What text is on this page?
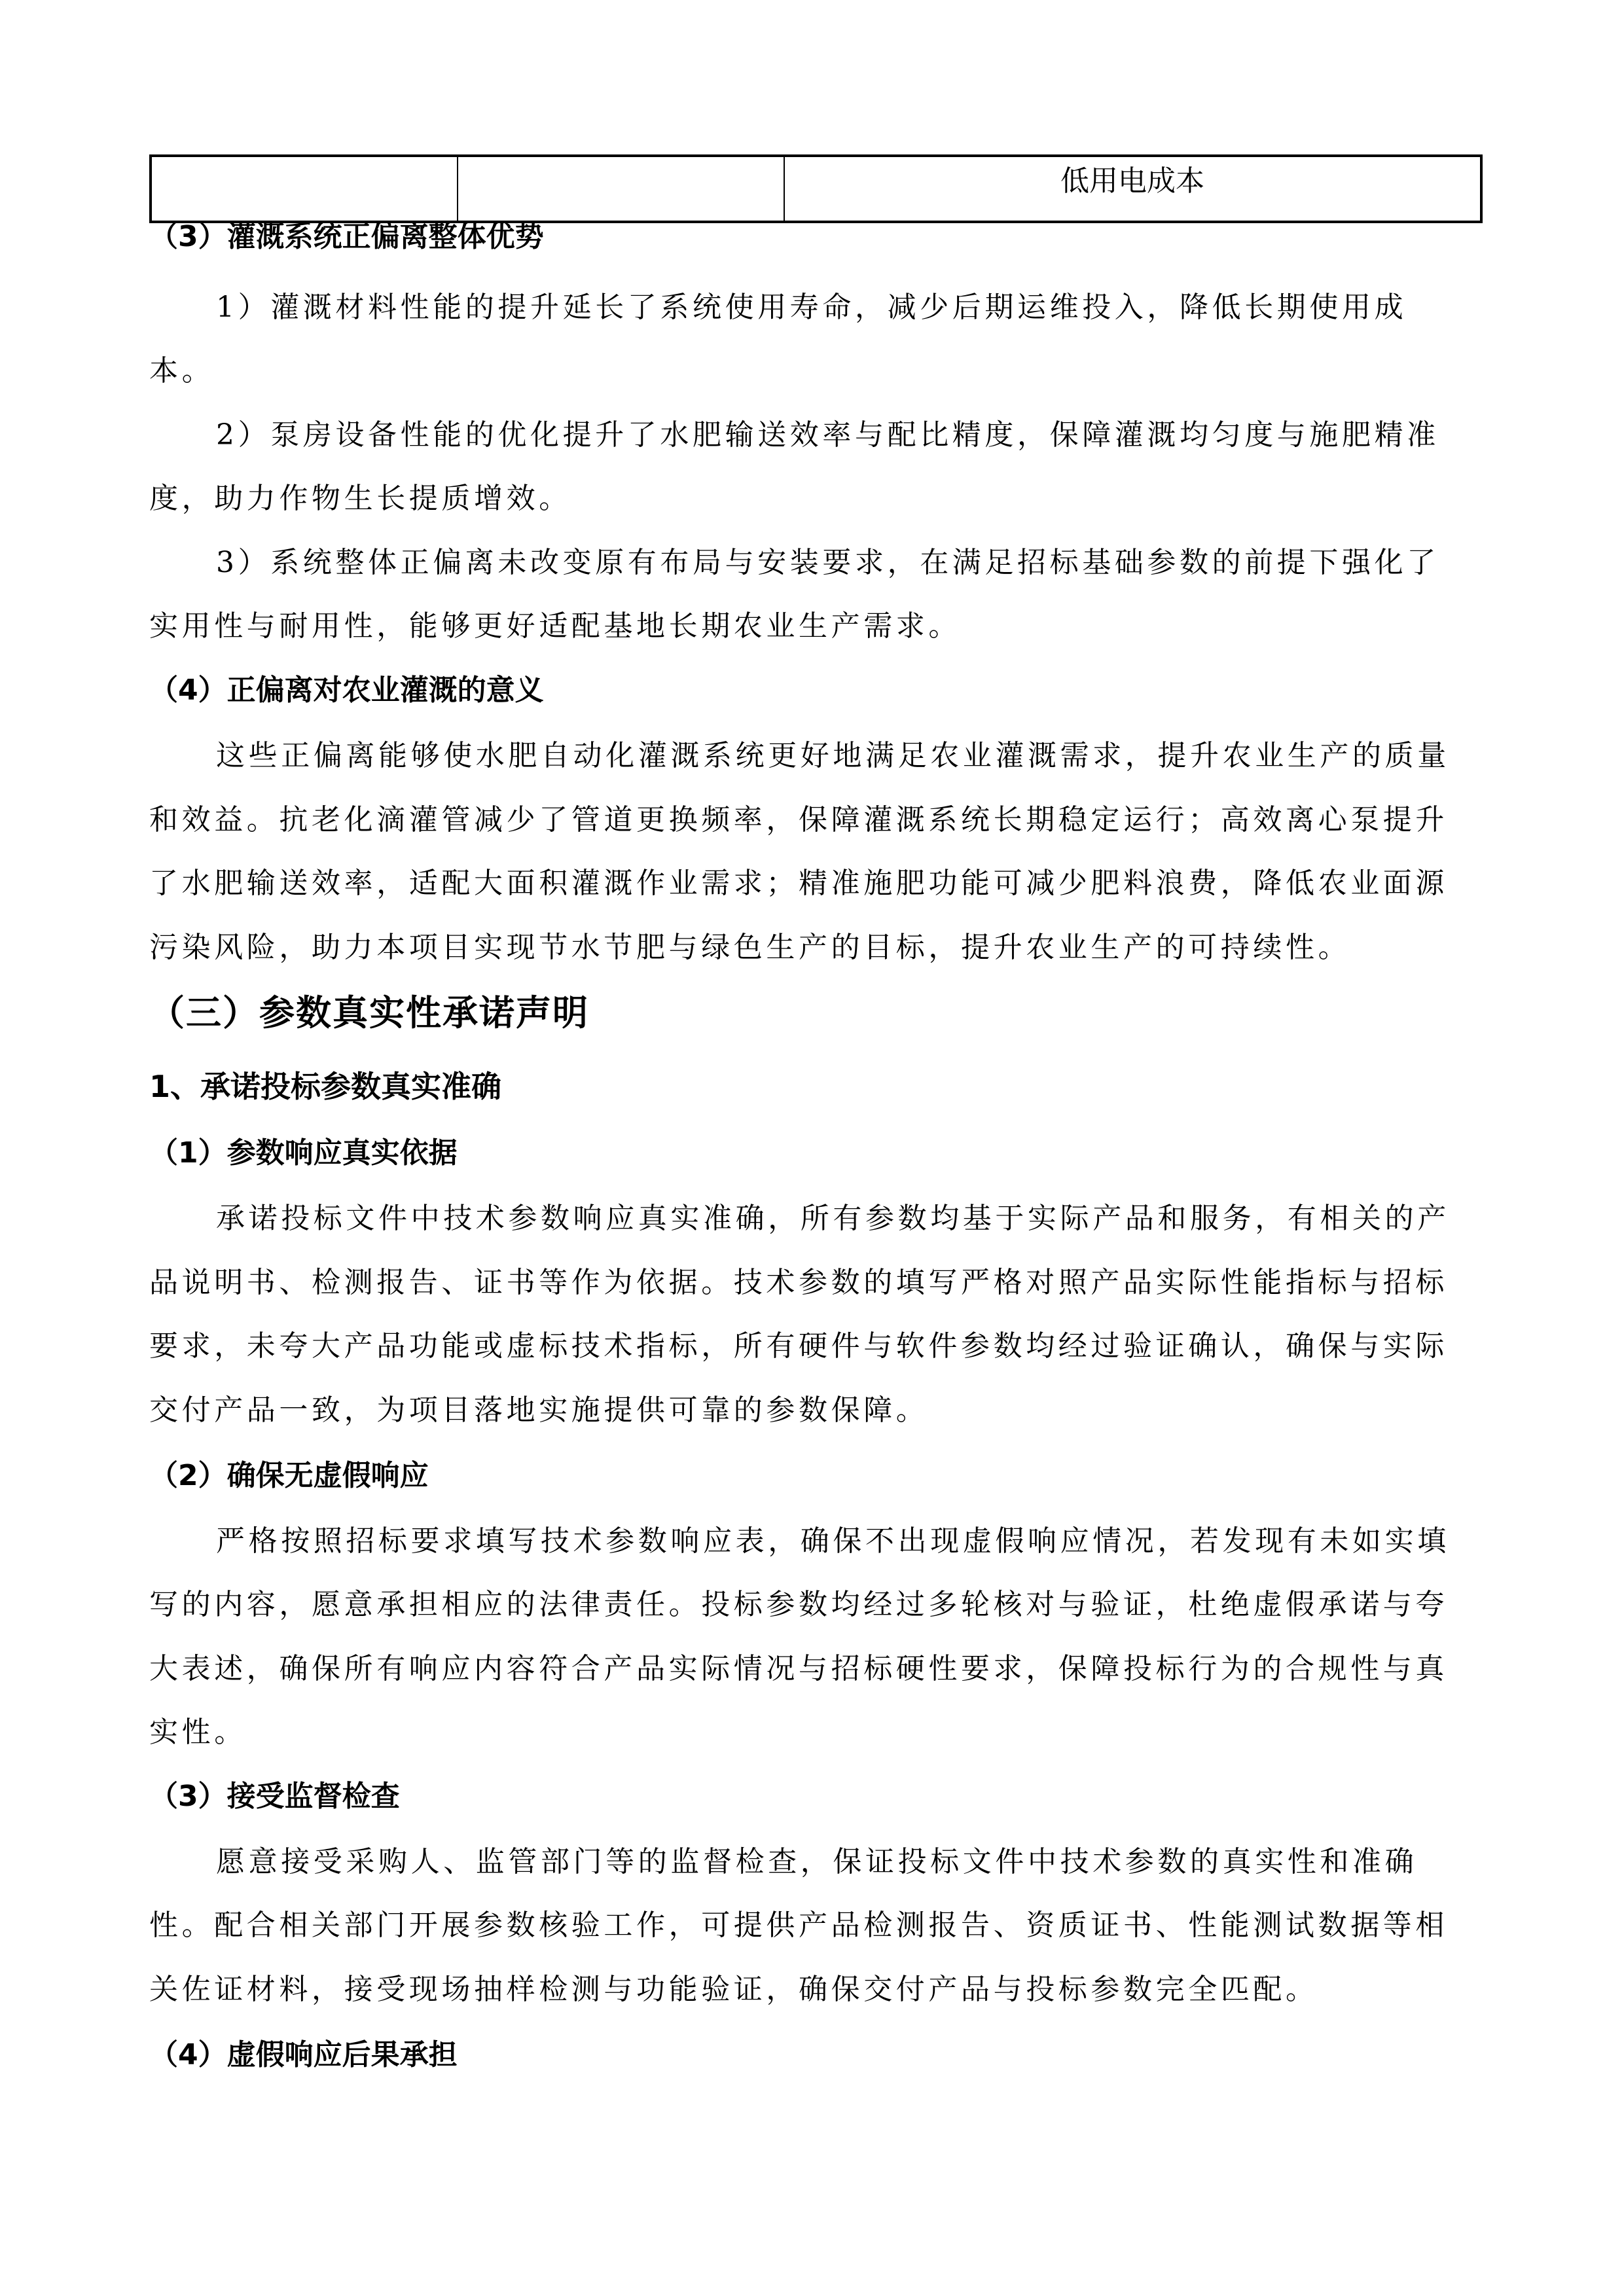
		低用电成本
（3）灌溉系统正偏离整体优势
1）灌溉材料性能的提升延长了系统使用寿命，减少后期运维投入，降低长期使用成
本。
2）泵房设备性能的优化提升了水肥输送效率与配比精度，保障灌溉均匀度与施肥精准
度，助力作物生长提质增效。
3）系统整体正偏离未改变原有布局与安装要求，在满足招标基础参数的前提下强化了
实用性与耐用性，能够更好适配基地长期农业生产需求。
（4）正偏离对农业灌溉的意义
这些正偏离能够使水肥自动化灌溉系统更好地满足农业灌溉需求，提升农业生产的质量
和效益。抗老化滴灌管减少了管道更换频率，保障灌溉系统长期稳定运行；高效离心泵提升
了水肥输送效率，适配大面积灌溉作业需求；精准施肥功能可减少肥料浪费，降低农业面源
污染风险，助力本项目实现节水节肥与绿色生产的目标，提升农业生产的可持续性。
（三）参数真实性承诺声明
1、承诺投标参数真实准确
（1）参数响应真实依据
承诺投标文件中技术参数响应真实准确，所有参数均基于实际产品和服务，有相关的产
品说明书、检测报告、证书等作为依据。技术参数的填写严格对照产品实际性能指标与招标
要求，未夸大产品功能或虚标技术指标，所有硬件与软件参数均经过验证确认，确保与实际
交付产品一致，为项目落地实施提供可靠的参数保障。
（2）确保无虚假响应
严格按照招标要求填写技术参数响应表，确保不出现虚假响应情况，若发现有未如实填
写的内容，愿意承担相应的法律责任。投标参数均经过多轮核对与验证，杜绝虚假承诺与夸
大表述，确保所有响应内容符合产品实际情况与招标硬性要求，保障投标行为的合规性与真
实性。
（3）接受监督检查
愿意接受采购人、监管部门等的监督检查，保证投标文件中技术参数的真实性和准确
性。配合相关部门开展参数核验工作，可提供产品检测报告、资质证书、性能测试数据等相
关佐证材料，接受现场抽样检测与功能验证，确保交付产品与投标参数完全匹配。
（4）虚假响应后果承担
